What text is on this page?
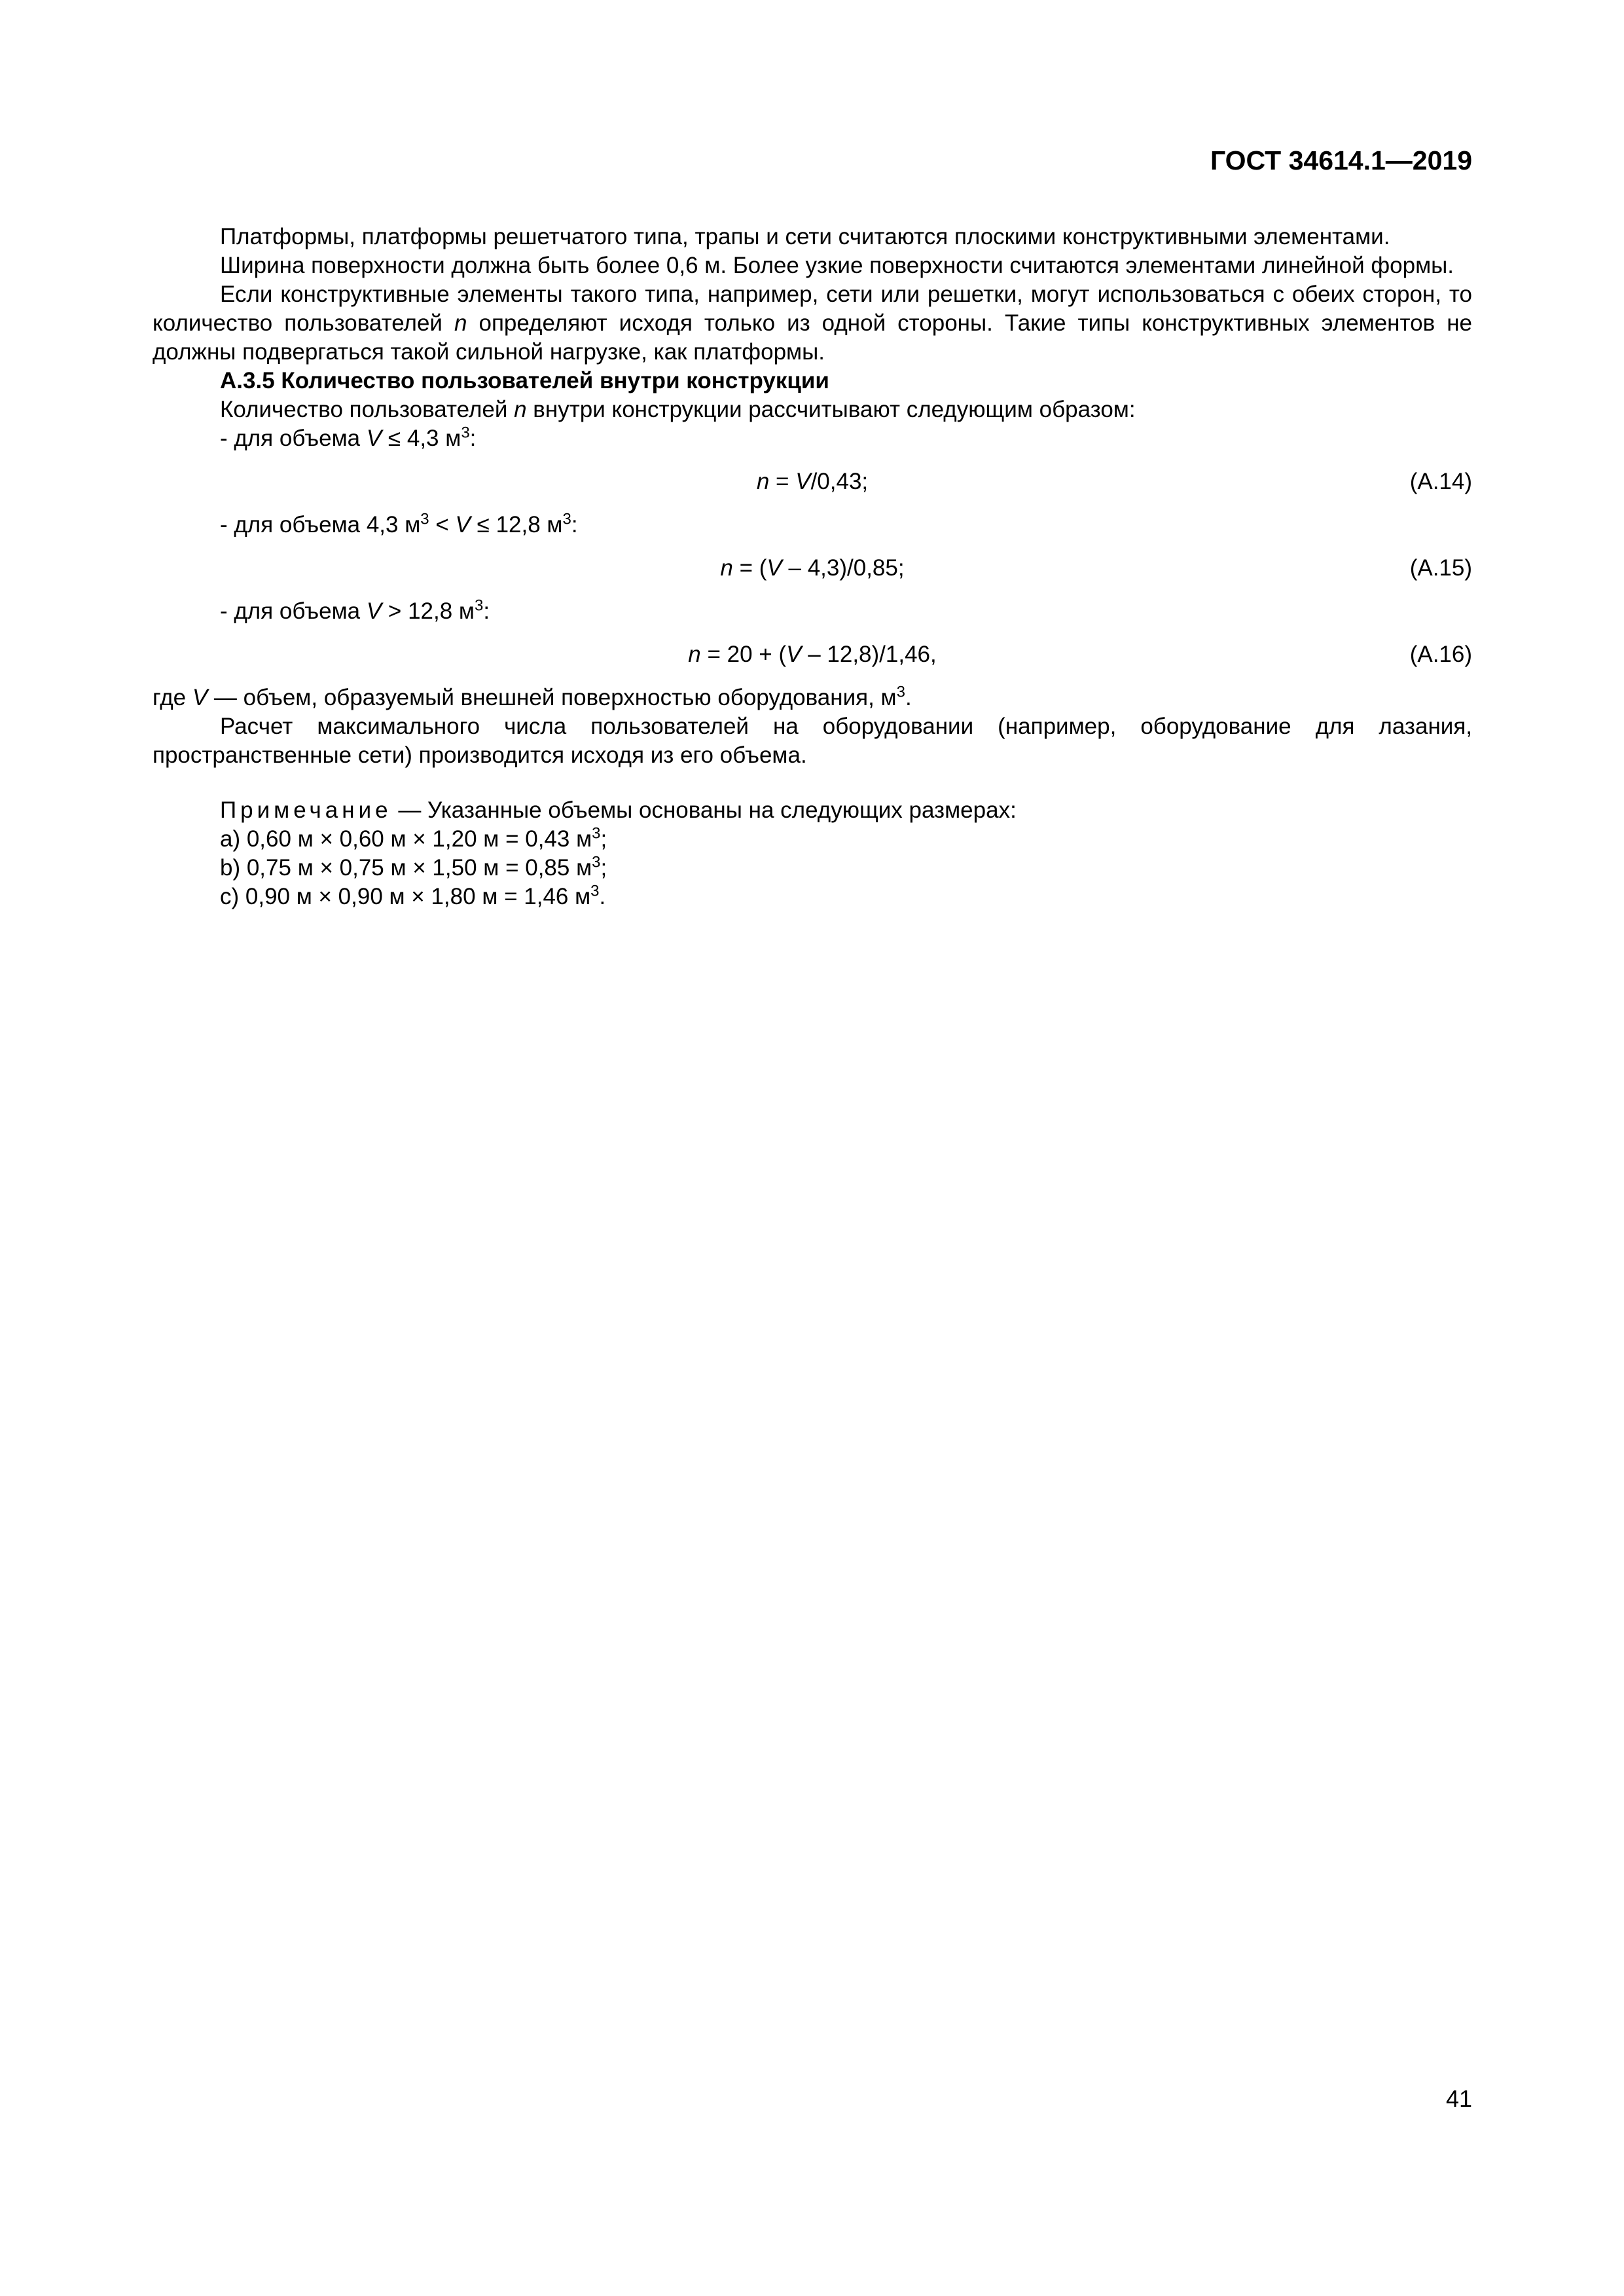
ГОСТ 34614.1—2019

Платформы, платформы решетчатого типа, трапы и сети считаются плоскими конструктивными элементами.

Ширина поверхности должна быть более 0,6 м. Более узкие поверхности считаются элементами линейной формы.

Если конструктивные элементы такого типа, например, сети или решетки, могут использоваться с обеих сторон, то количество пользователей n определяют исходя только из одной стороны. Такие типы конструктивных элементов не должны подвергаться такой сильной нагрузке, как платформы.

А.3.5 Количество пользователей внутри конструкции

Количество пользователей n внутри конструкции рассчитывают следующим образом:

- для объема V ≤ 4,3 $м^3$:

n = V/0,43;	(А.14)

- для объема 4,3 $м^3 < V \le 12,8$ $м^3$:

n = (V – 4,3)/0,85;	(А.15)

- для объема V > 12,8 $м^3$:

n = 20 + (V – 12,8)/1,46,	(А.16)

где V — объем, образуемый внешней поверхностью оборудования, $м^3$.

Расчет максимального числа пользователей на оборудовании (например, оборудование для лазания, пространственные сети) производится исходя из его объема.

Примечание — Указанные объемы основаны на следующих размерах:

a) 0,60 м × 0,60 м × 1,20 м = 0,43 $м^3$;

b) 0,75 м × 0,75 м × 1,50 м = 0,85 $м^3$;

c) 0,90 м × 0,90 м × 1,80 м = 1,46 $м^3$.

41
